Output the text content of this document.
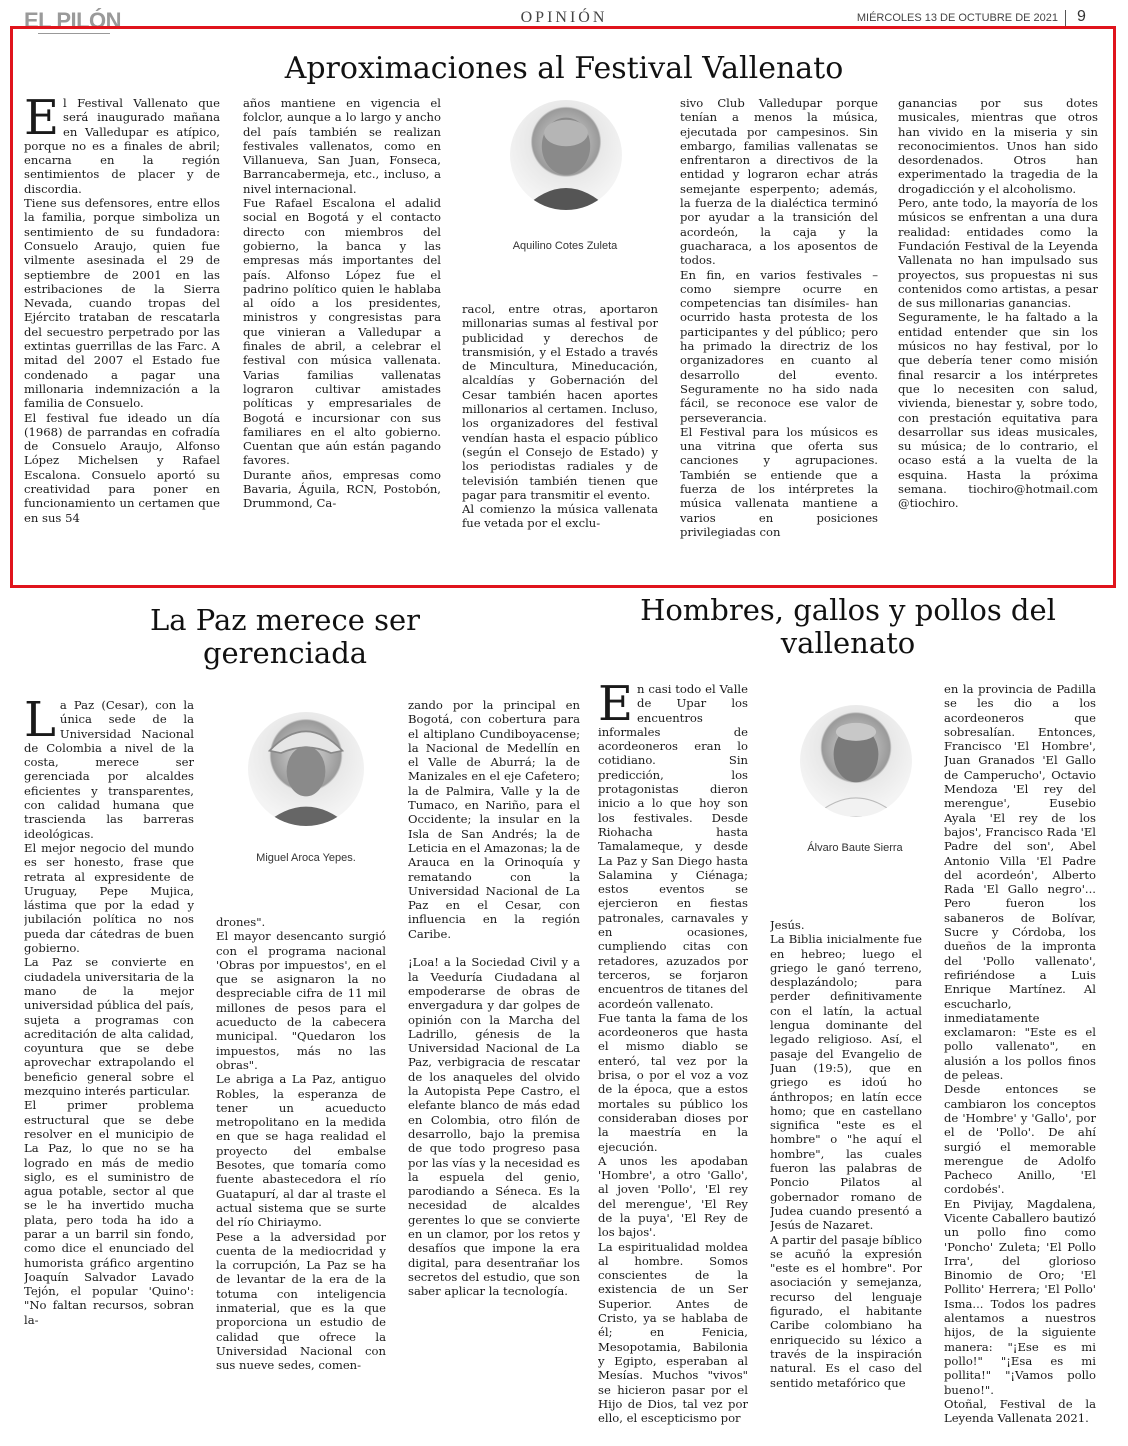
EL PILÓN	OPINIÓN	MIÉRCOLES 13 DE OCTUBRE DE 2021 9
Aproximaciones al Festival Vallenato
E l Festival Vallenato que será inaugurado mañana en Valledupar es atípico, porque no es a finales de abril; encarna en la región sentimientos de placer y de discordia.
Tiene sus defensores, entre ellos la familia, porque simboliza un sentimiento de su fundadora: Consuelo Araujo, quien fue vilmente asesinada el 29 de septiembre de 2001 en las estribaciones de la Sierra Nevada, cuando tropas del Ejército trataban de rescatarla del secuestro perpetrado por las extintas guerrillas de las Farc. A mitad del 2007 el Estado fue condenado a pagar una millonaria indemnización a la familia de Consuelo.
El festival fue ideado un día (1968) de parrandas en cofradía de Consuelo Araujo, Alfonso López Michelsen y Rafael Escalona. Consuelo aportó su creatividad para poner en funcionamiento un certamen que en sus 54
años mantiene en vigencia el folclor, aunque a lo largo y ancho del país también se realizan festivales vallenatos, como en Villanueva, San Juan, Fonseca, Barrancabermeja, etc., incluso, a nivel internacional.
Fue Rafael Escalona el adalid social en Bogotá y el contacto directo con miembros del gobierno, la banca y las empresas más importantes del país. Alfonso López fue el padrino político quien le hablaba al oído a los presidentes, ministros y congresistas para que vinieran a Valledupar a finales de abril, a celebrar el festival con música vallenata. Varias familias vallenatas lograron cultivar amistades políticas y empresariales de Bogotá e incursionar con sus familiares en el alto gobierno. Cuentan que aún están pagando favores.
Durante años, empresas como Bavaria, Águila, RCN, Postobón, Drummond, Ca-
Aquilino Cotes Zuleta
racol, entre otras, aportaron millonarias sumas al festival por publicidad y derechos de transmisión, y el Estado a través de Mincultura, Mineducación, alcaldías y Gobernación del Cesar también hacen aportes millonarios al certamen. Incluso, los organizadores del festival vendían hasta el espacio público (según el Consejo de Estado) y los periodistas radiales y de televisión también tienen que pagar para transmitir el evento.
Al comienzo la música vallenata fue vetada por el exclu-
sivo Club Valledupar porque tenían a menos la música, ejecutada por campesinos. Sin embargo, familias vallenatas se enfrentaron a directivos de la entidad y lograron echar atrás semejante esperpento; además, la fuerza de la dialéctica terminó por ayudar a la transición del acordeón, la caja y la guacharaca, a los aposentos de todos.
En fin, en varios festivales – como siempre ocurre en competencias tan disímiles- han ocurrido hasta protesta de los participantes y del público; pero ha primado la directriz de los organizadores en cuanto al desarrollo del evento. Seguramente no ha sido nada fácil, se reconoce ese valor de perseverancia.
El Festival para los músicos es una vitrina que oferta sus canciones y agrupaciones. También se entiende que a fuerza de los intérpretes la música vallenata mantiene a varios en posiciones privilegiadas con
ganancias por sus dotes musicales, mientras que otros han vivido en la miseria y sin reconocimientos. Unos han sido desordenados. Otros han experimentado la tragedia de la drogadicción y el alcoholismo.
Pero, ante todo, la mayoría de los músicos se enfrentan a una dura realidad: entidades como la Fundación Festival de la Leyenda Vallenata no han impulsado sus proyectos, sus propuestas ni sus contenidos como artistas, a pesar de sus millonarias ganancias.
Seguramente, le ha faltado a la entidad entender que sin los músicos no hay festival, por lo que debería tener como misión final resarcir a los intérpretes que lo necesiten con salud, vivienda, bienestar y, sobre todo, con prestación equitativa para desarrollar sus ideas musicales, su música; de lo contrario, el ocaso está a la vuelta de la esquina. Hasta la próxima semana. tiochiro@hotmail.com @tiochiro.
La Paz merece ser gerenciada
L a Paz (Cesar), con la única sede de la Universidad Nacional de Colombia a nivel de la costa, merece ser gerenciada por alcaldes eficientes y transparentes, con calidad humana que trascienda las barreras ideológicas.
El mejor negocio del mundo es ser honesto, frase que retrata al expresidente de Uruguay, Pepe Mujica, lástima que por la edad y jubilación política no nos pueda dar cátedras de buen gobierno.
La Paz se convierte en ciudadela universitaria de la mano de la mejor universidad pública del país, sujeta a programas con acreditación de alta calidad, coyuntura que se debe aprovechar extrapolando el beneficio general sobre el mezquino interés particular.
El primer problema estructural que se debe resolver en el municipio de La Paz, lo que no se ha logrado en más de medio siglo, es el suministro de agua potable, sector al que se le ha invertido mucha plata, pero toda ha ido a parar a un barril sin fondo, como dice el enunciado del humorista gráfico argentino Joaquín Salvador Lavado Tejón, el popular 'Quino': "No faltan recursos, sobran la-
Miguel Aroca Yepes.
drones".
El mayor desencanto surgió con el programa nacional 'Obras por impuestos', en el que se asignaron la no despreciable cifra de 11 mil millones de pesos para el acueducto de la cabecera municipal. "Quedaron los impuestos, más no las obras".
Le abriga a La Paz, antiguo Robles, la esperanza de tener un acueducto metropolitano en la medida en que se haga realidad el proyecto del embalse Besotes, que tomaría como fuente abastecedora el río Guatapurí, al dar al traste el actual sistema que se surte del río Chiriaymo.
Pese a la adversidad por cuenta de la mediocridad y la corrupción, La Paz se ha de levantar de la era de la totuma con inteligencia inmaterial, que es la que proporciona un estudio de calidad que ofrece la Universidad Nacional con sus nueve sedes, comen-
zando por la principal en Bogotá, con cobertura para el altiplano Cundiboyacense; la Nacional de Medellín en el Valle de Aburrá; la de Manizales en el eje Cafetero; la de Palmira, Valle y la de Tumaco, en Nariño, para el Occidente; la insular en la Isla de San Andrés; la de Leticia en el Amazonas; la de Arauca en la Orinoquía y rematando con la Universidad Nacional de La Paz en el Cesar, con influencia en la región Caribe.

¡Loa! a la Sociedad Civil y a la Veeduría Ciudadana al empoderarse de obras de envergadura y dar golpes de opinión con la Marcha del Ladrillo, génesis de la Universidad Nacional de La Paz, verbigracia de rescatar de los anaqueles del olvido la Autopista Pepe Castro, el elefante blanco de más edad en Colombia, otro filón de desarrollo, bajo la premisa de que todo progreso pasa por las vías y la necesidad es la espuela del genio, parodiando a Séneca. Es la necesidad de alcaldes gerentes lo que se convierte en un clamor, por los retos y desafíos que impone la era digital, para desentrañar los secretos del estudio, que son saber aplicar la tecnología.
Hombres, gallos y pollos del vallenato
E n casi todo el Valle de Upar los encuentros informales de acordeoneros eran lo cotidiano. Sin predicción, los protagonistas dieron inicio a lo que hoy son los festivales. Desde Riohacha hasta Tamalameque, y desde La Paz y San Diego hasta Salamina y Ciénaga; estos eventos se ejercieron en fiestas patronales, carnavales y en ocasiones, cumpliendo citas con retadores, azuzados por terceros, se forjaron encuentros de titanes del acordeón vallenato.
Fue tanta la fama de los acordeoneros que hasta el mismo diablo se enteró, tal vez por la brisa, o por el voz a voz de la época, que a estos mortales su público los consideraban dioses por la maestría en la ejecución.
A unos les apodaban 'Hombre', a otro 'Gallo', al joven 'Pollo', 'El rey del merengue', 'El Rey de la puya', 'El Rey de los bajos'.
La espiritualidad moldea al hombre. Somos conscientes de la existencia de un Ser Superior. Antes de Cristo, ya se hablaba de él; en Fenicia, Mesopotamia, Babilonia y Egipto, esperaban al Mesías. Muchos "vivos" se hicieron pasar por el Hijo de Dios, tal vez por ello, el escepticismo por
Álvaro Baute Sierra
Jesús.
La Biblia inicialmente fue en hebreo; luego el griego le ganó terreno, desplazándolo; para perder definitivamente con el latín, la actual lengua dominante del legado religioso. Así, el pasaje del Evangelio de Juan (19:5), que en griego es idoú ho ánthropos; en latín ecce homo; que en castellano significa "este es el hombre" o "he aquí el hombre", las cuales fueron las palabras de Poncio Pilatos al gobernador romano de Judea cuando presentó a Jesús de Nazaret.
A partir del pasaje bíblico se acuñó la expresión "este es el hombre". Por asociación y semejanza, recurso del lenguaje figurado, el habitante Caribe colombiano ha enriquecido su léxico a través de la inspiración natural. Es el caso del sentido metafórico que
en la provincia de Padilla se les dio a los acordeoneros que sobresalían. Entonces, Francisco 'El Hombre', Juan Granados 'El Gallo de Camperucho', Octavio Mendoza 'El rey del merengue', Eusebio Ayala 'El rey de los bajos', Francisco Rada 'El Padre del son', Abel Antonio Villa 'El Padre del acordeón', Alberto Rada 'El Gallo negro'... Pero fueron los sabaneros de Bolívar, Sucre y Córdoba, los dueños de la impronta del 'Pollo vallenato', refiriéndose a Luis Enrique Martínez. Al escucharlo, inmediatamente exclamaron: "Este es el pollo vallenato", en alusión a los pollos finos de peleas.
Desde entonces se cambiaron los conceptos de 'Hombre' y 'Gallo', por el de 'Pollo'. De ahí surgió el memorable merengue de Adolfo Pacheco Anillo, 'El cordobés'.
En Pivijay, Magdalena, Vicente Caballero bautizó un pollo fino como 'Poncho' Zuleta; 'El Pollo Irra', del glorioso Binomio de Oro; 'El Pollito' Herrera; 'El Pollo' Isma... Todos los padres alentamos a nuestros hijos, de la siguiente manera: "¡Ese es mi pollo!" "¡Esa es mi pollita!" "¡Vamos pollo bueno!".
Otoñal, Festival de la Leyenda Vallenata 2021.
